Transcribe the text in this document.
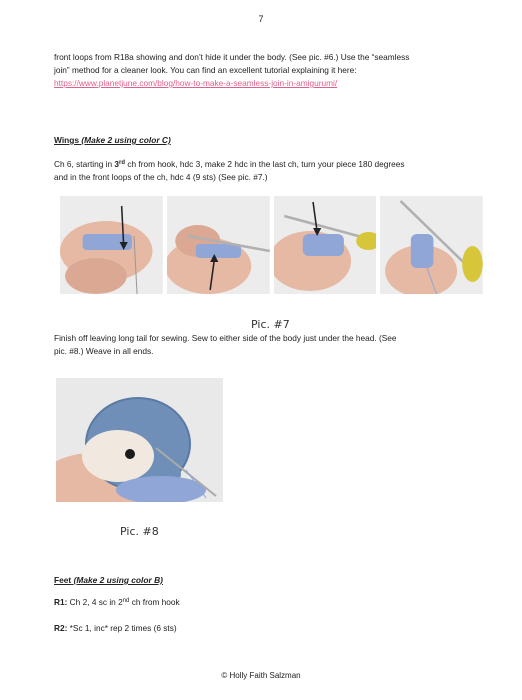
7
front loops from R18a showing and don’t hide it under the body. (See pic. #6.) Use the “seamless
join” method for a cleaner look. You can find an excellent tutorial explaining it here:
https://www.planetjune.com/blog/how-to-make-a-seamless-join-in-amigurumi/
Wings (Make 2 using color C)
Ch 6, starting in 3rd ch from hook, hdc 3, make 2 hdc in the last ch, turn your piece 180 degrees
and in the front loops of the ch, hdc 4 (9 sts) (See pic. #7.)
Pic. #7
Finish off leaving long tail for sewing. Sew to either side of the body just under the head. (See
pic. #8.) Weave in all ends.
Pic. #8
Feet (Make 2 using color B)
R1: Ch 2, 4 sc in 2nd ch from hook
R2: *Sc 1, inc* rep 2 times (6 sts)
© Holly Faith Salzman
